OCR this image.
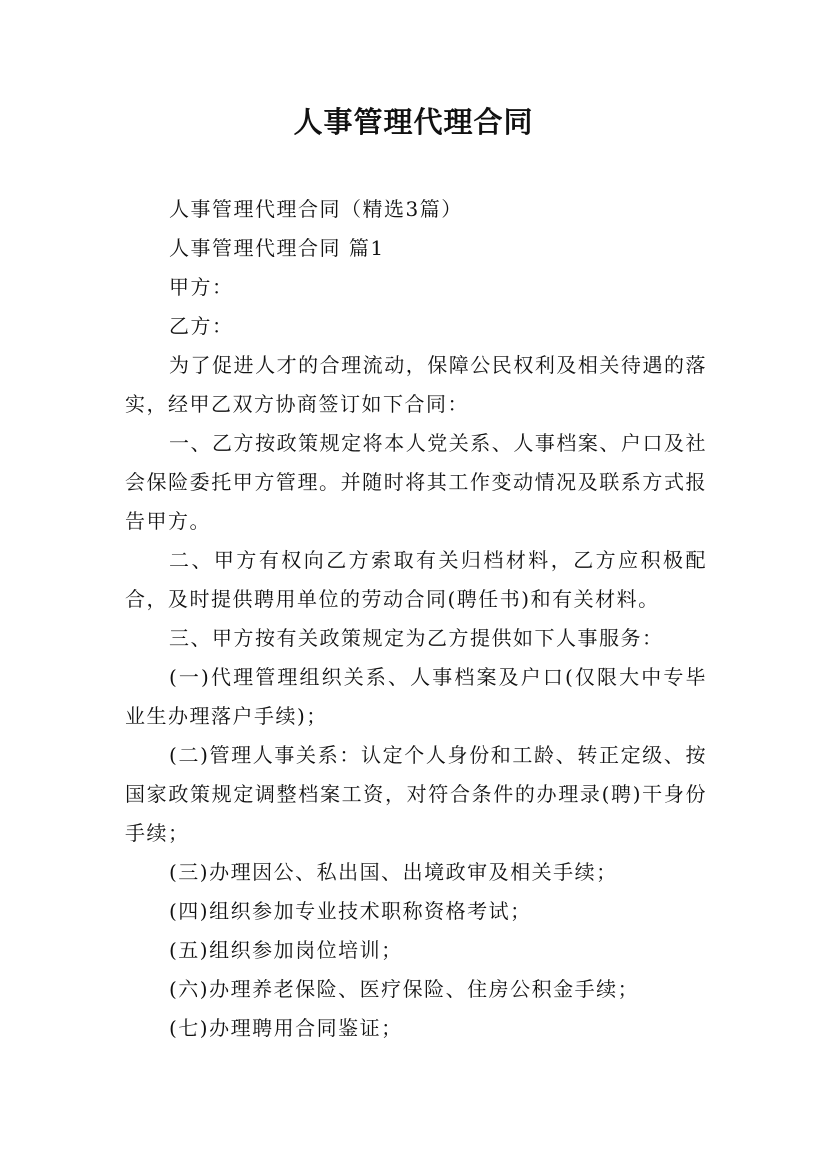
人事管理代理合同

人事管理代理合同（精选3篇）

人事管理代理合同 篇1

甲方：

乙方：

为了促进人才的合理流动，保障公民权利及相关待遇的落实，经甲乙双方协商签订如下合同：

一、乙方按政策规定将本人党关系、人事档案、户口及社会保险委托甲方管理。并随时将其工作变动情况及联系方式报告甲方。

二、甲方有权向乙方索取有关归档材料，乙方应积极配合，及时提供聘用单位的劳动合同(聘任书)和有关材料。

三、甲方按有关政策规定为乙方提供如下人事服务：

(一)代理管理组织关系、人事档案及户口(仅限大中专毕业生办理落户手续)；

(二)管理人事关系：认定个人身份和工龄、转正定级、按国家政策规定调整档案工资，对符合条件的办理录(聘)干身份手续；

(三)办理因公、私出国、出境政审及相关手续；

(四)组织参加专业技术职称资格考试；

(五)组织参加岗位培训；

(六)办理养老保险、医疗保险、住房公积金手续；

(七)办理聘用合同鉴证；
